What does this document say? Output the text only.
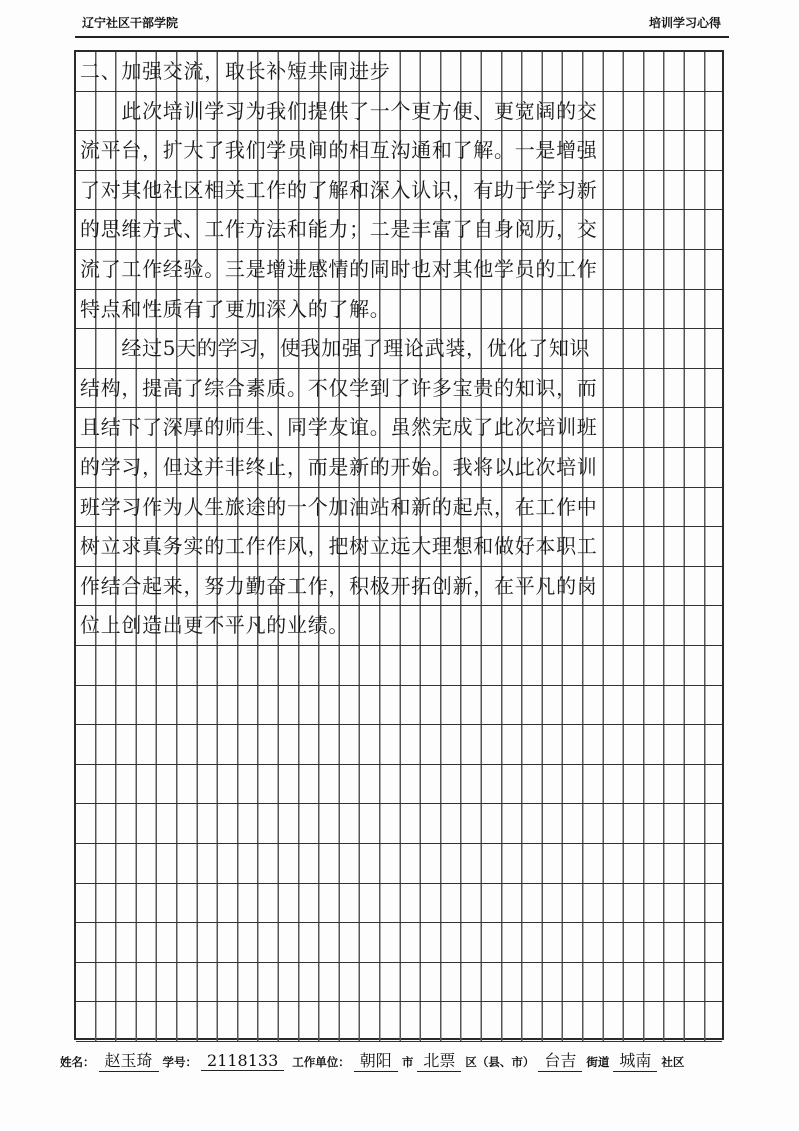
辽宁社区干部学院	培训学习心得
二、加强交流，取长补短共同进步
　　此次培训学习为我们提供了一个更方便、更宽阔的交
流平台，扩大了我们学员间的相互沟通和了解。一是增强
了对其他社区相关工作的了解和深入认识，有助于学习新
的思维方式、工作方法和能力；二是丰富了自身阅历，交
流了工作经验。三是增进感情的同时也对其他学员的工作
特点和性质有了更加深入的了解。
　　经过5天的学习，使我加强了理论武装，优化了知识
结构，提高了综合素质。不仅学到了许多宝贵的知识，而
且结下了深厚的师生、同学友谊。虽然完成了此次培训班
的学习，但这并非终止，而是新的开始。我将以此次培训
班学习作为人生旅途的一个加油站和新的起点，在工作中
树立求真务实的工作作风，把树立远大理想和做好本职工
作结合起来，努力勤奋工作，积极开拓创新，在平凡的岗
位上创造出更不平凡的业绩。
姓名： 赵玉琦 学号： 2118133 工作单位： 朝阳 市 北票 区（县、市） 台吉 街道 城南 社区
